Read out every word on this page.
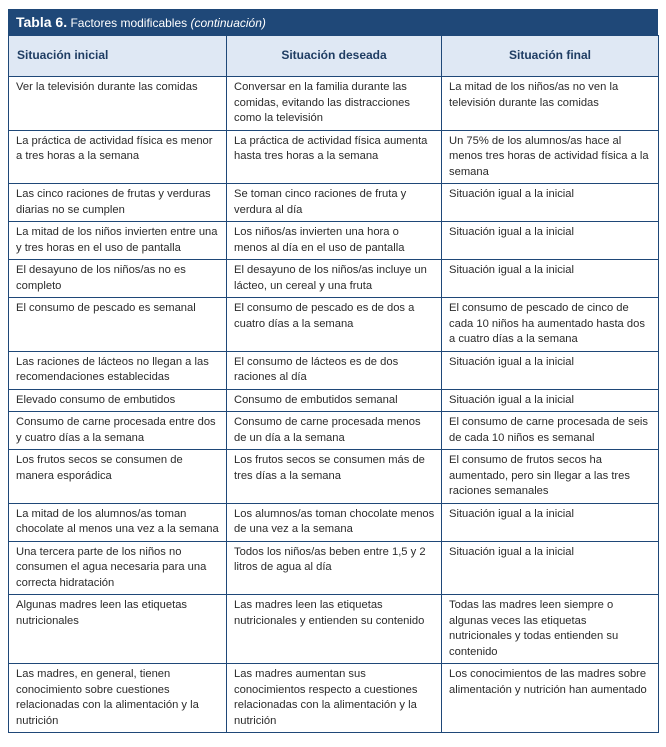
Tabla 6. Factores modificables (continuación)
Situación inicial	Situación deseada	Situación final
Ver la televisión durante las comidas	Conversar en la familia durante las comidas, evitando las distracciones como la televisión	La mitad de los niños/as no ven la televisión durante las comidas
La práctica de actividad física es menor a tres horas a la semana	La práctica de actividad física aumenta hasta tres horas a la semana	Un 75% de los alumnos/as hace al menos tres horas de actividad física a la semana
Las cinco raciones de frutas y verduras diarias no se cumplen	Se toman cinco raciones de fruta y verdura al día	Situación igual a la inicial
La mitad de los niños invierten entre una y tres horas en el uso de pantalla	Los niños/as invierten una hora o menos al día en el uso de pantalla	Situación igual a la inicial
El desayuno de los niños/as no es completo	El desayuno de los niños/as incluye un lácteo, un cereal y una fruta	Situación igual a la inicial
El consumo de pescado es semanal	El consumo de pescado es de dos a cuatro días a la semana	El consumo de pescado de cinco de cada 10 niños ha aumentado hasta dos a cuatro días a la semana
Las raciones de lácteos no llegan a las recomendaciones establecidas	El consumo de lácteos es de dos raciones al día	Situación igual a la inicial
Elevado consumo de embutidos	Consumo de embutidos semanal	Situación igual a la inicial
Consumo de carne procesada entre dos y cuatro días a la semana	Consumo de carne procesada menos de un día a la semana	El consumo de carne procesada de seis de cada 10 niños es semanal
Los frutos secos se consumen de manera esporádica	Los frutos secos se consumen más de tres días a la semana	El consumo de frutos secos ha aumentado, pero sin llegar a las tres raciones semanales
La mitad de los alumnos/as toman chocolate al menos una vez a la semana	Los alumnos/as toman chocolate menos de una vez a la semana	Situación igual a la inicial
Una tercera parte de los niños no consumen el agua necesaria para una correcta hidratación	Todos los niños/as beben entre 1,5 y 2 litros de agua al día	Situación igual a la inicial
Algunas madres leen las etiquetas nutricionales	Las madres leen las etiquetas nutricionales y entienden su contenido	Todas las madres leen siempre o algunas veces las etiquetas nutricionales y todas entienden su contenido
Las madres, en general, tienen conocimiento sobre cuestiones relacionadas con la alimentación y la nutrición	Las madres aumentan sus conocimientos respecto a cuestiones relacionadas con la alimentación y la nutrición	Los conocimientos de las madres sobre alimentación y nutrición han aumentado
